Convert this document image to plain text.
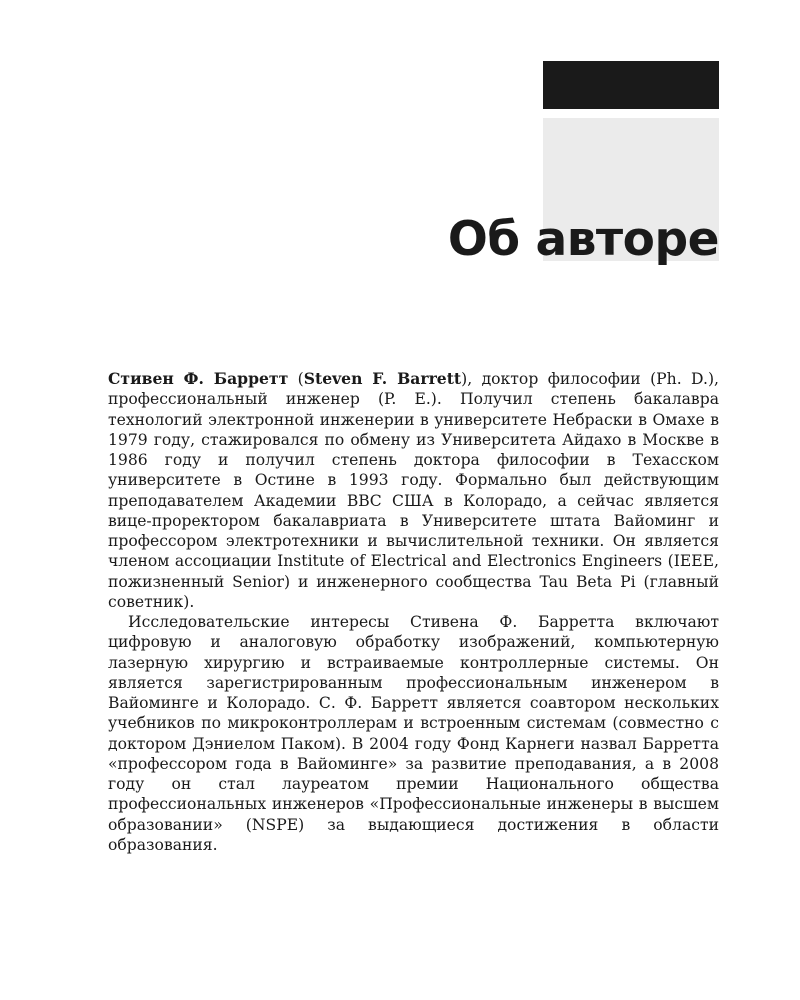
Об авторе

Стивен Ф. Барретт (Steven F. Barrett), доктор философии (Ph. D.), профессиональный инженер (P. E.). Получил степень бакалавра технологий электронной инженерии в университете Небраски в Омахе в 1979 году, стажировался по обмену из Университета Айдахо в Москве в 1986 году и получил степень доктора философии в Техасском университете в Остине в 1993 году. Формально был действующим преподавателем Академии ВВС США в Колорадо, а сейчас является вице-проректором бакалавриата в Университете штата Вайоминг и профессором электротехники и вычислительной техники. Он является членом ассоциации Institute of Electrical and Electronics Engineers (IEEE, пожизненный Senior) и инженерного сообщества Tau Beta Pi (главный советник).

Исследовательские интересы Стивена Ф. Барретта включают цифровую и аналоговую обработку изображений, компьютерную лазерную хирургию и встраиваемые контроллерные системы. Он является зарегистрированным профессиональным инженером в Вайоминге и Колорадо. С. Ф. Барретт является соавтором нескольких учебников по микроконтроллерам и встроенным системам (совместно с доктором Дэниелом Паком). В 2004 году Фонд Карнеги назвал Барретта «профессором года в Вайоминге» за развитие преподавания, а в 2008 году он стал лауреатом премии Национального общества профессиональных инженеров «Профессиональные инженеры в высшем образовании» (NSPE) за выдающиеся достижения в области образования.
